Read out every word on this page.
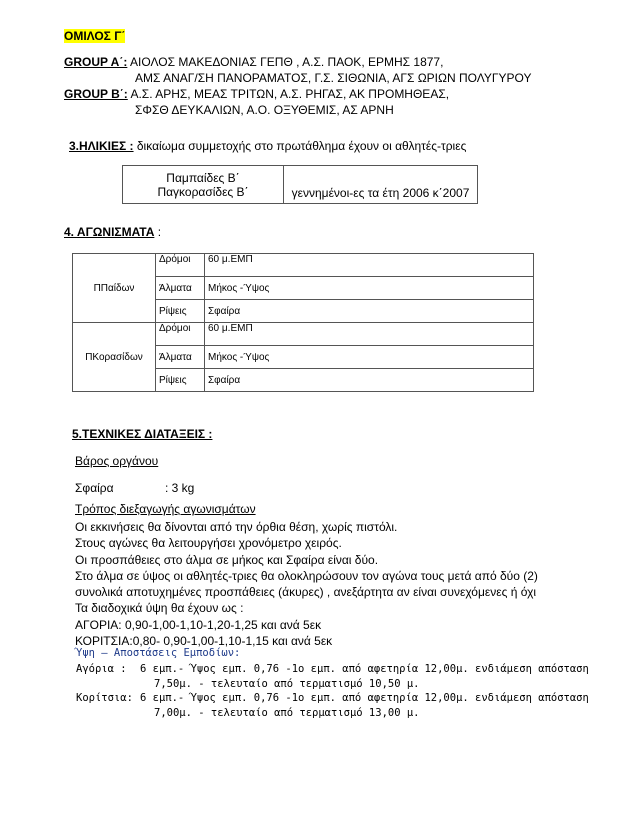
ΟΜΙΛΟΣ Γ΄
GROUP A΄: ΑΙΟΛΟΣ ΜΑΚΕΔΟΝΙΑΣ ΓΕΠΘ , Α.Σ. ΠΑΟΚ, ΕΡΜΗΣ 1877,
ΑΜΣ ΑΝΑΓ/ΣΗ ΠΑΝΟΡΑΜΑΤΟΣ, Γ.Σ. ΣΙΘΩΝΙΑ, ΑΓΣ ΩΡΙΩΝ ΠΟΛΥΓΥΡΟΥ
GROUP B΄: Α.Σ. ΑΡΗΣ, ΜΕΑΣ ΤΡΙΤΩΝ, Α.Σ. ΡΗΓΑΣ, ΑΚ ΠΡΟΜΗΘΕΑΣ,
ΣΦΣΘ ΔΕΥΚΑΛΙΩΝ, Α.Ο. ΟΞΥΘΕΜΙΣ, ΑΣ ΑΡΝΗ
3.ΗΛΙΚΙΕΣ : δικαίωμα συμμετοχής στο πρωτάθλημα έχουν οι αθλητές-τριες
Παμπαίδες Β΄
Παγκορασίδες Β΄	γεννημένοι-ες τα έτη 2006 κ΄2007
4. ΑΓΩΝΙΣΜΑΤΑ :
ΠΠαίδων	Δρόμοι	60 μ.ΕΜΠ
	Άλματα	Μήκος -Ύψος
	Ρίψεις	Σφαίρα
ΠΚορασίδων	Δρόμοι	60 μ.ΕΜΠ
	Άλματα	Μήκος -Ύψος
	Ρίψεις	Σφαίρα
5.ΤΕΧΝΙΚΕΣ ΔΙΑΤΑΞΕΙΣ :
Βάρος οργάνου
Σφαίρα	: 3 kg
Τρόπος διεξαγωγής αγωνισμάτων
Οι εκκινήσεις θα δίνονται από την όρθια θέση, χωρίς πιστόλι.
Στους αγώνες θα λειτουργήσει χρονόμετρο χειρός.
Οι προσπάθειες στο άλμα σε μήκος και Σφαίρα είναι δύο.
Στο άλμα σε ύψος οι αθλητές-τριες θα ολοκληρώσουν τον αγώνα τους μετά από δύο (2)
συνολικά αποτυχημένες προσπάθειες (άκυρες) , ανεξάρτητα αν είναι συνεχόμενες ή όχι
Τα διαδοχικά ύψη θα έχουν ως :
ΑΓΟΡΙΑ: 0,90-1,00-1,10-1,20-1,25 και ανά 5εκ
ΚΟΡΙΤΣΙΑ:0,80- 0,90-1,00-1,10-1,15 και ανά 5εκ
Ύψη – Αποστάσεις Εμποδίων:
Αγόρια : 6 εμπ.- Ύψος εμπ. 0,76 -1ο εμπ. από αφετηρία 12,00μ. ενδιάμεση απόσταση
7,50μ. - τελευταίο από τερματισμό 10,50 μ.
Κορίτσια: 6 εμπ.- Ύψος εμπ. 0,76 -1ο εμπ. από αφετηρία 12,00μ. ενδιάμεση απόσταση
7,00μ. - τελευταίο από τερματισμό 13,00 μ.
